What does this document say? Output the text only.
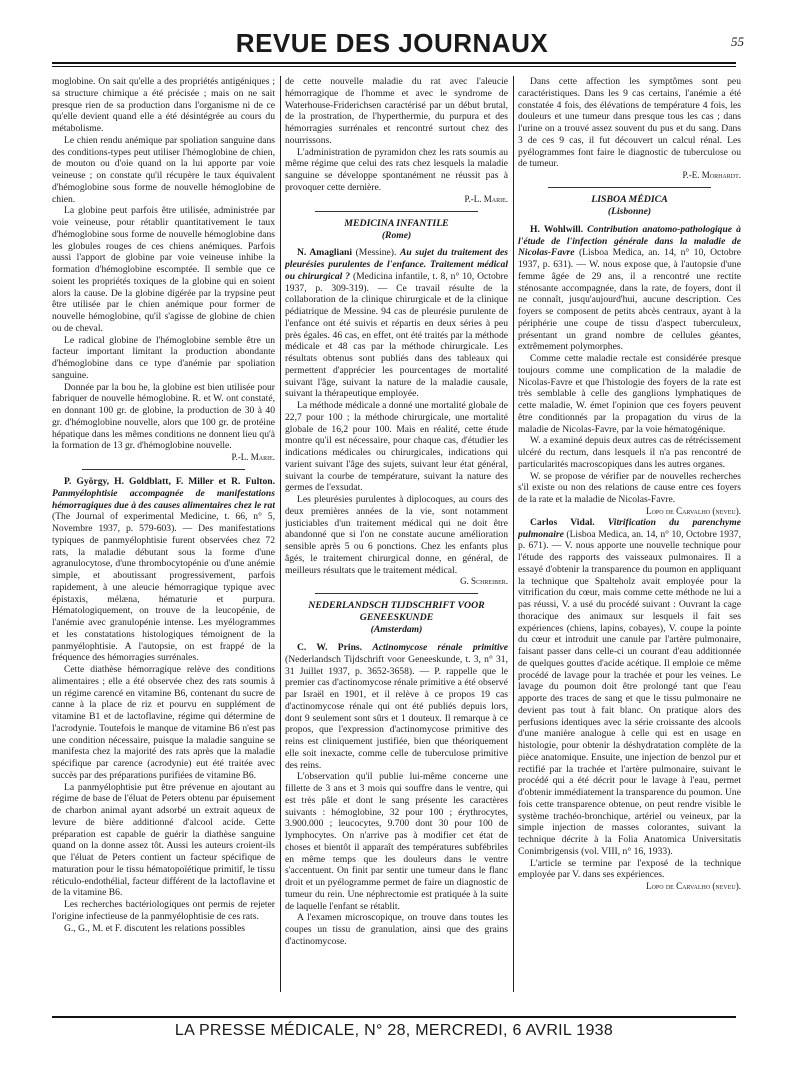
REVUE DES JOURNAUX	55

moglobine. On sait qu'elle a des propriétés antigéniques ; sa structure chimique a été précisée ; mais on ne sait presque rien de sa production dans l'organisme ni de ce qu'elle devient quand elle a été désintégrée au cours du métabolisme.

Le chien rendu anémique par spoliation sanguine dans des conditions-types peut utiliser l'hémoglobine de chien, de mouton ou d'oie quand on la lui apporte par voie veineuse ; on constate qu'il récupère le taux équivalent d'hémoglobine sous forme de nouvelle hémoglobine de chien.

La globine peut parfois être utilisée, administrée par voie veineuse, pour rétablir quantitativement le taux d'hémoglobine sous forme de nouvelle hémoglobine dans les globules rouges de ces chiens anémiques. Parfois aussi l'apport de globine par voie veineuse inhibe la formation d'hémoglobine escomptée. Il semble que ce soient les propriétés toxiques de la globine qui en soient alors la cause. De la globine digérée par la trypsine peut être utilisée par le chien anémique pour former de nouvelle hémoglobine, qu'il s'agisse de globine de chien ou de cheval.

Le radical globine de l'hémoglobine semble être un facteur important limitant la production abondante d'hémoglobine dans ce type d'anémie par spoliation sanguine.

Donnée par la bou he, la globine est bien utilisée pour fabriquer de nouvelle hémoglobine. R. et W. ont constaté, en donnant 100 gr. de globine, la production de 30 à 40 gr. d'hémoglobine nouvelle, alors que 100 gr. de protéine hépatique dans les mêmes conditions ne donnent lieu qu'à la formation de 13 gr. d'hémoglobine nouvelle.

P.-L. Marie.

P. György, H. Goldblatt, F. Miller et R. Fulton. Panmyélophtisie accompagnée de manifestations hémorragiques due à des causes alimentaires chez le rat (The Journal of experimental Medicine, t. 66, n° 5, Novembre 1937, p. 579-603). — Des manifestations typiques de panmyélophtisie furent observées chez 72 rats, la maladie débutant sous la forme d'une agranulocytose, d'une thrombocytopénie ou d'une anémie simple, et aboutissant progressivement, parfois rapidement, à une aleucie hémorragique typique avec épistaxis, mélæna, hématurie et purpura. Hématologiquement, on trouve de la leucopénie, de l'anémie avec granulopénie intense. Les myélogrammes et les constatations histologiques témoignent de la panmyélophtisie. A l'autopsie, on est frappé de la fréquence des hémorragies surrénales.

Cette diathèse hémorragique relève des conditions alimentaires ; elle a été observée chez des rats soumis à un régime carencé en vitamine B6, contenant du sucre de canne à la place de riz et pourvu en supplément de vitamine B1 et de lactoflavine, régime qui détermine de l'acrodynie. Toutefois le manque de vitamine B6 n'est pas une condition nécessaire, puisque la maladie sanguine se manifesta chez la majorité des rats après que la maladie spécifique par carence (acrodynie) eut été traitée avec succès par des préparations purifiées de vitamine B6.

La panmyélophtisie put être prévenue en ajoutant au régime de base de l'éluat de Peters obtenu par épuisement de charbon animal ayant adsorbé un extrait aqueux de levure de bière additionné d'alcool acide. Cette préparation est capable de guérir la diathèse sanguine quand on la donne assez tôt. Aussi les auteurs croient-ils que l'éluat de Peters contient un facteur spécifique de maturation pour le tissu hématopoïétique primitif, le tissu réticulo-endothélial, facteur différent de la lactoflavine et de la vitamine B6.

Les recherches bactériologiques ont permis de rejeter l'origine infectieuse de la panmyélophtisie de ces rats.

G., G., M. et F. discutent les relations possibles

de cette nouvelle maladie du rat avec l'aleucie hémorragique de l'homme et avec le syndrome de Waterhouse-Friderichsen caractérisé par un début brutal, de la prostration, de l'hyperthermie, du purpura et des hémorragies surrénales et rencontré surtout chez des nourrissons.

L'administration de pyramidon chez les rats soumis au même régime que celui des rats chez lesquels la maladie sanguine se développe spontanément ne réussit pas à provoquer cette dernière.

P.-L. Marie.

MEDICINA INFANTILE
(Rome)

N. Amagliani (Messine). Au sujet du traitement des pleurésies purulentes de l'enfance. Traitement médical ou chirurgical ? (Medicina infantile, t. 8, n° 10, Octobre 1937, p. 309-319). — Ce travail résulte de la collaboration de la clinique chirurgicale et de la clinique pédiatrique de Messine. 94 cas de pleurésie purulente de l'enfance ont été suivis et répartis en deux séries à peu près égales. 46 cas, en effet, ont été traités par la méthode médicale et 48 cas par la méthode chirurgicale. Les résultats obtenus sont publiés dans des tableaux qui permettent d'apprécier les pourcentages de mortalité suivant l'âge, suivant la nature de la maladie causale, suivant la thérapeutique employée.

La méthode médicale a donné une mortalité globale de 22,7 pour 100 ; la méthode chirurgicale, une mortalité globale de 16,2 pour 100. Mais en réalité, cette étude montre qu'il est nécessaire, pour chaque cas, d'étudier les indications médicales ou chirurgicales, indications qui varient suivant l'âge des sujets, suivant leur état général, suivant la courbe de température, suivant la nature des germes de l'exsudat.

Les pleurésies purulentes à diplocoques, au cours des deux premières années de la vie, sont notamment justiciables d'un traitement médical qui ne doit être abandonné que si l'on ne constate aucune amélioration sensible après 5 ou 6 ponctions. Chez les enfants plus âgés, le traitement chirurgical donne, en général, de meilleurs résultats que le traitement médical.

G. Schreiber.

NEDERLANDSCH TIJDSCHRIFT VOOR GENEESKUNDE
(Amsterdam)

C. W. Prins. Actinomycose rénale primitive (Nederlandsch Tijdschrift voor Geneeskunde, t. 3, n° 31, 31 Juillet 1937, p. 3652-3658). — P. rappelle que le premier cas d'actinomycose rénale primitive a été observé par Israël en 1901, et il relève à ce propos 19 cas d'actinomycose rénale qui ont été publiés depuis lors, dont 9 seulement sont sûrs et 1 douteux. Il remarque à ce propos, que l'expression d'actinomycose primitive des reins est cliniquement justifiée, bien que théoriquement elle soit inexacte, comme celle de tuberculose primitive des reins.

L'observation qu'il publie lui-même concerne une fillette de 3 ans et 3 mois qui souffre dans le ventre, qui est très pâle et dont le sang présente les caractères suivants : hémoglobine, 32 pour 100 ; érythrocytes, 3.900.000 ; leucocytes, 9.700 dont 30 pour 100 de lymphocytes. On n'arrive pas à modifier cet état de choses et bientôt il apparaît des températures subfébriles en même temps que les douleurs dans le ventre s'accentuent. On finit par sentir une tumeur dans le flanc droit et un pyélogramme permet de faire un diagnostic de tumeur du rein. Une néphrectomie est pratiquée à la suite de laquelle l'enfant se rétablit.

A l'examen microscopique, on trouve dans toutes les coupes un tissu de granulation, ainsi que des grains d'actinomycose.

Dans cette affection les symptômes sont peu caractéristiques. Dans les 9 cas certains, l'anémie a été constatée 4 fois, des élévations de température 4 fois, les douleurs et une tumeur dans presque tous les cas ; dans l'urine on a trouvé assez souvent du pus et du sang. Dans 3 de ces 9 cas, il fut découvert un calcul rénal. Les pyélogrammes font faire le diagnostic de tuberculose ou de tumeur.

P.-E. Morhardt.

LISBOA MÉDICA
(Lisbonne)

H. Wohlwill. Contribution anatomo-pathologique à l'étude de l'infection générale dans la maladie de Nicolas-Favre (Lisboa Medica, an. 14, n° 10, Octobre 1937, p. 631). — W. nous expose que, à l'autopsie d'une femme âgée de 29 ans, il a rencontré une rectite sténosante accompagnée, dans la rate, de foyers, dont il ne connaît, jusqu'aujourd'hui, aucune description. Ces foyers se composent de petits abcès centraux, ayant à la périphérie une coupe de tissu d'aspect tuberculeux, présentant un grand nombre de cellules géantes, extrêmement polymorphes.

Comme cette maladie rectale est considérée presque toujours comme une complication de la maladie de Nicolas-Favre et que l'histologie des foyers de la rate est très semblable à celle des ganglions lymphatiques de cette maladie, W. émet l'opinion que ces foyers peuvent être conditionnés par la propagation du virus de la maladie de Nicolas-Favre, par la voie hématogénique.

W. a examiné depuis deux autres cas de rétrécissement ulcéré du rectum, dans lesquels il n'a pas rencontré de particularités macroscopiques dans les autres organes.

W. se propose de vérifier par de nouvelles recherches s'il existe ou non des relations de cause entre ces foyers de la rate et la maladie de Nicolas-Favre.

Lopo de Carvalho (neveu).

Carlos Vidal. Vitrification du parenchyme pulmonaire (Lisboa Medica, an. 14, n° 10, Octobre 1937, p. 671). — V. nous apporte une nouvelle technique pour l'étude des rapports des vaisseaux pulmonaires. Il a essayé d'obtenir la transparence du poumon en appliquant la technique que Spalteholz avait employée pour la vitrification du cœur, mais comme cette méthode ne lui a pas réussi, V. a usé du procédé suivant : Ouvrant la cage thoracique des animaux sur lesquels il fait ses expériences (chiens, lapins, cobayes), V. coupe la pointe du cœur et introduit une canule par l'artère pulmonaire, faisant passer dans celle-ci un courant d'eau additionnée de quelques gouttes d'acide acétique. Il emploie ce même procédé de lavage pour la trachée et pour les veines. Le lavage du poumon doit être prolongé tant que l'eau apporte des traces de sang et que le tissu pulmonaire ne devient pas tout à fait blanc. On pratique alors des perfusions identiques avec la série croissante des alcools d'une manière analogue à celle qui est en usage en histologie, pour obtenir la déshydratation complète de la pièce anatomique. Ensuite, une injection de benzol pur et rectifié par la trachée et l'artère pulmonaire, suivant le procédé qui a été décrit pour le lavage à l'eau, permet d'obtenir immédiatement la transparence du poumon. Une fois cette transparence obtenue, on peut rendre visible le système trachéo-bronchique, artériel ou veineux, par la simple injection de masses colorantes, suivant la technique décrite à la Folia Anatomica Universitatis Conimbrigensis (vol. VIII, n° 16, 1933).

L'article se termine par l'exposé de la technique employée par V. dans ses expériences.

Lopo de Carvalho (neveu).

LA PRESSE MÉDICALE, N° 28, MERCREDI, 6 AVRIL 1938
